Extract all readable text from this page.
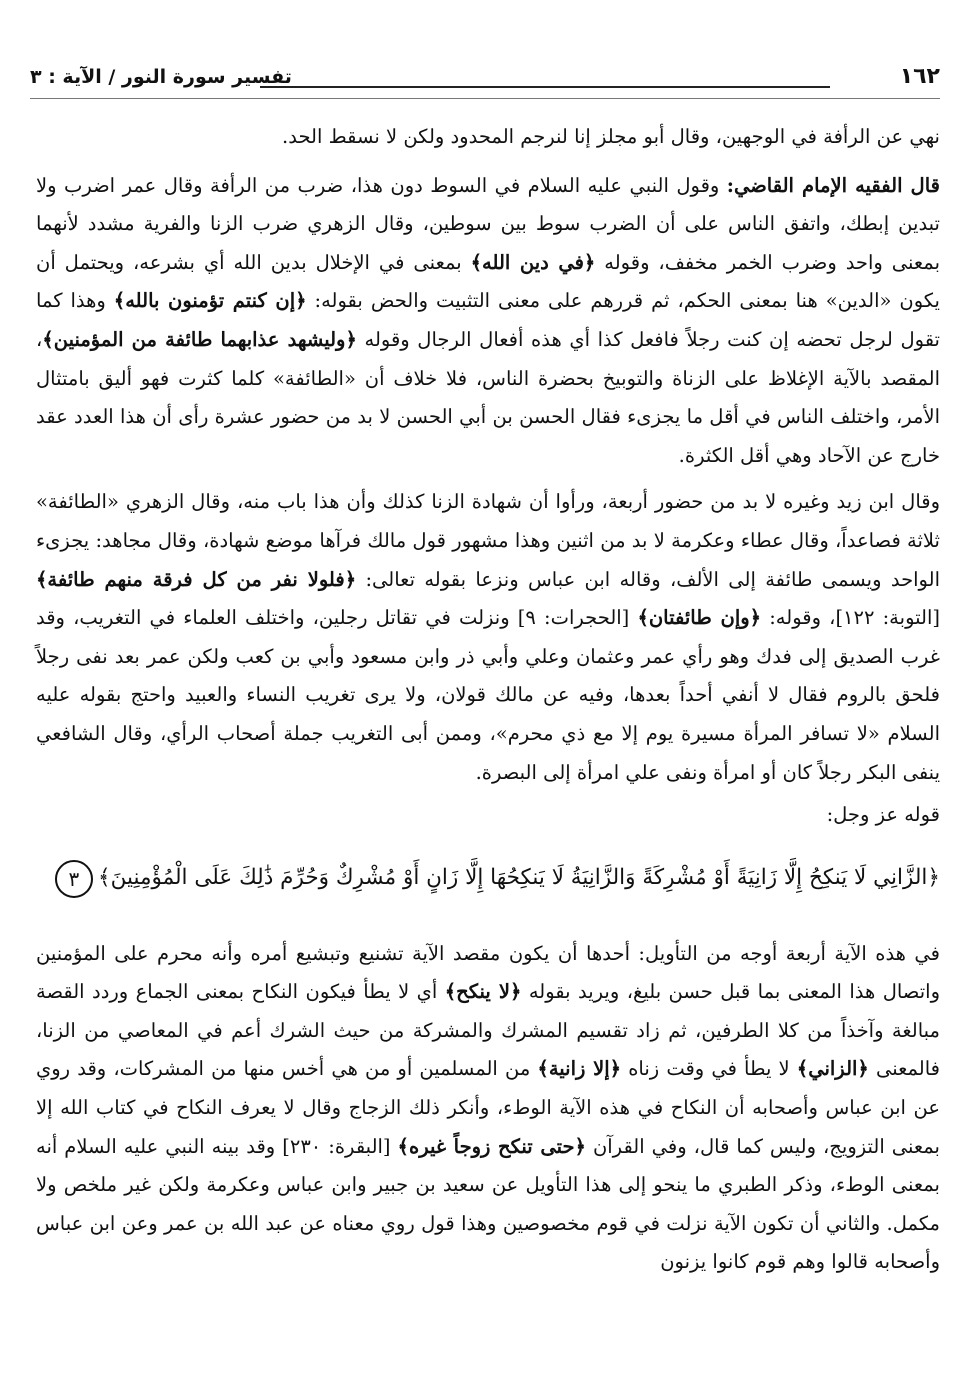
١٦٢
تفسير سورة النور / الآية : ٣

نهي عن الرأفة في الوجهين، وقال أبو مجلز إنا لنرجم المحدود ولكن لا نسقط الحد.

قال الفقيه الإمام القاضي: وقول النبي عليه السلام في السوط دون هذا، ضرب من الرأفة وقال عمر اضرب ولا تبدين إبطك، واتفق الناس على أن الضرب سوط بين سوطين، وقال الزهري ضرب الزنا والفرية مشدد لأنهما بمعنى واحد وضرب الخمر مخفف، وقوله ﴿في دين الله﴾ بمعنى في الإخلال بدين الله أي بشرعه، ويحتمل أن يكون «الدين» هنا بمعنى الحكم، ثم قررهم على معنى التثبيت والحض بقوله: ﴿إن كنتم تؤمنون بالله﴾ وهذا كما تقول لرجل تحضه إن كنت رجلاً فافعل كذا أي هذه أفعال الرجال وقوله ﴿وليشهد عذابهما طائفة من المؤمنين﴾، المقصد بالآية الإغلاظ على الزناة والتوبيخ بحضرة الناس، فلا خلاف أن «الطائفة» كلما كثرت فهو أليق بامتثال الأمر، واختلف الناس في أقل ما يجزىء فقال الحسن بن أبي الحسن لا بد من حضور عشرة رأى أن هذا العدد عقد خارج عن الآحاد وهي أقل الكثرة.

وقال ابن زيد وغيره لا بد من حضور أربعة، ورأوا أن شهادة الزنا كذلك وأن هذا باب منه، وقال الزهري «الطائفة» ثلاثة فصاعداً، وقال عطاء وعكرمة لا بد من اثنين وهذا مشهور قول مالك فرآها موضع شهادة، وقال مجاهد: يجزىء الواحد ويسمى طائفة إلى الألف، وقاله ابن عباس ونزعا بقوله تعالى: ﴿فلولا نفر من كل فرقة منهم طائفة﴾ [التوبة: ١٢٢]، وقوله: ﴿وإن طائفتان﴾ [الحجرات: ٩] ونزلت في تقاتل رجلين، واختلف العلماء في التغريب، وقد غرب الصديق إلى فدك وهو رأي عمر وعثمان وعلي وأبي ذر وابن مسعود وأبي بن كعب ولكن عمر بعد نفى رجلاً فلحق بالروم فقال لا أنفي أحداً بعدها، وفيه عن مالك قولان، ولا يرى تغريب النساء والعبيد واحتج بقوله عليه السلام «لا تسافر المرأة مسيرة يوم إلا مع ذي محرم»، وممن أبى التغريب جملة أصحاب الرأي، وقال الشافعي ينفى البكر رجلاً كان أو امرأة ونفى علي امرأة إلى البصرة.

قوله عز وجل:

﴿الزَّانِي لَا يَنكِحُ إِلَّا زَانِيَةً أَوْ مُشْرِكَةً وَالزَّانِيَةُ لَا يَنكِحُهَا إِلَّا زَانٍ أَوْ مُشْرِكٌ وَحُرِّمَ ذَٰلِكَ عَلَى الْمُؤْمِنِينَ﴾ ٣

في هذه الآية أربعة أوجه من التأويل: أحدها أن يكون مقصد الآية تشنيع وتبشيع أمره وأنه محرم على المؤمنين واتصال هذا المعنى بما قبل حسن بليغ، ويريد بقوله ﴿لا ينكح﴾ أي لا يطأ فيكون النكاح بمعنى الجماع وردد القصة مبالغة وآخذاً من كلا الطرفين، ثم زاد تقسيم المشرك والمشركة من حيث الشرك أعم في المعاصي من الزنا، فالمعنى ﴿الزاني﴾ لا يطأ في وقت زناه ﴿إلا زانية﴾ من المسلمين أو من هي أخس منها من المشركات، وقد روي عن ابن عباس وأصحابه أن النكاح في هذه الآية الوطء، وأنكر ذلك الزجاج وقال لا يعرف النكاح في كتاب الله إلا بمعنى التزويج، وليس كما قال، وفي القرآن ﴿حتى تنكح زوجاً غيره﴾ [البقرة: ٢٣٠] وقد بينه النبي عليه السلام أنه بمعنى الوطء، وذكر الطبري ما ينحو إلى هذا التأويل عن سعيد بن جبير وابن عباس وعكرمة ولكن غير ملخص ولا مكمل. والثاني أن تكون الآية نزلت في قوم مخصوصين وهذا قول روي معناه عن عبد الله بن عمر وعن ابن عباس وأصحابه قالوا وهم قوم كانوا يزنون
